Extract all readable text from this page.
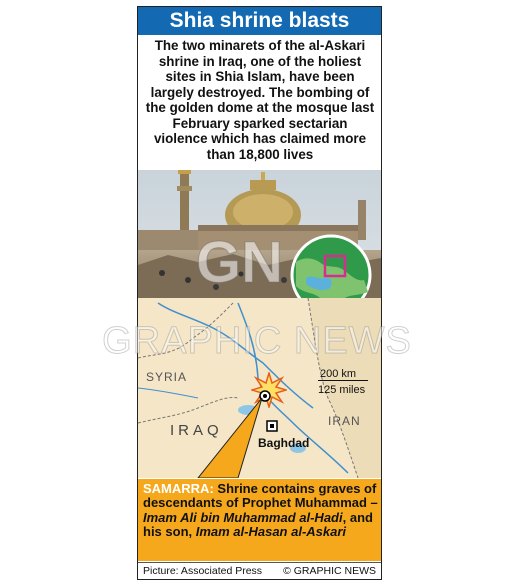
Shia shrine blasts
The two minarets of the al-Askari shrine in Iraq, one of the holiest sites in Shia Islam, have been largely destroyed. The bombing of the golden dome at the mosque last February sparked sectarian violence which has claimed more than 18,800 lives
GN
SYRIA
IRAQ
IRAN
Baghdad
200 km
125 miles
SAMARRA: Shrine contains graves of descendants of Prophet Muhammad – Imam Ali bin Muhammad al-Hadi, and his son, Imam al-Hasan al-Askari
Picture: Associated Press © GRAPHIC NEWS
GRAPHIC NEWS
